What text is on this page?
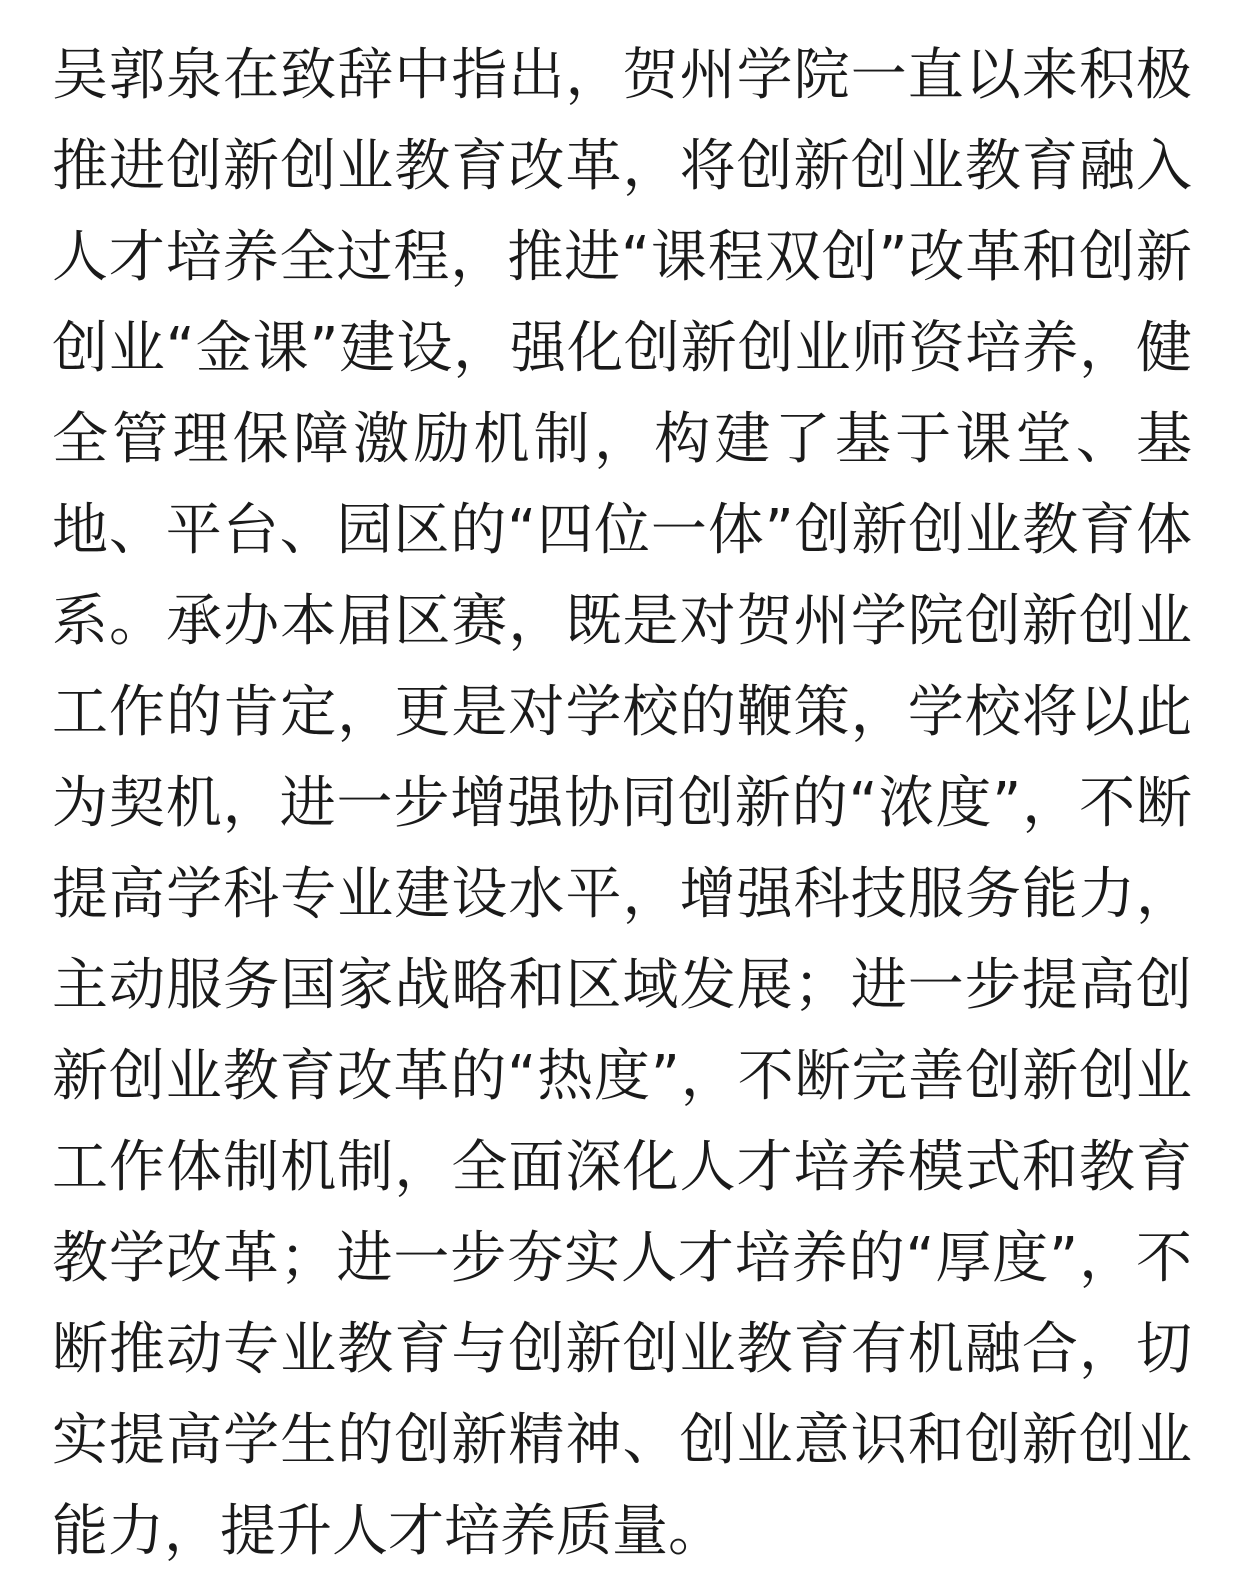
吴郭泉在致辞中指出，贺州学院一直以来积极
推进创新创业教育改革，将创新创业教育融入
人才培养全过程，推进“课程双创”改革和创新
创业“金课”建设，强化创新创业师资培养，健
全管理保障激励机制，构建了基于课堂、基
地、平台、园区的“四位一体”创新创业教育体
系。承办本届区赛，既是对贺州学院创新创业
工作的肯定，更是对学校的鞭策，学校将以此
为契机，进一步增强协同创新的“浓度”，不断
提高学科专业建设水平，增强科技服务能力，
主动服务国家战略和区域发展；进一步提高创
新创业教育改革的“热度”，不断完善创新创业
工作体制机制，全面深化人才培养模式和教育
教学改革；进一步夯实人才培养的“厚度”，不
断推动专业教育与创新创业教育有机融合，切
实提高学生的创新精神、创业意识和创新创业
能力，提升人才培养质量。
